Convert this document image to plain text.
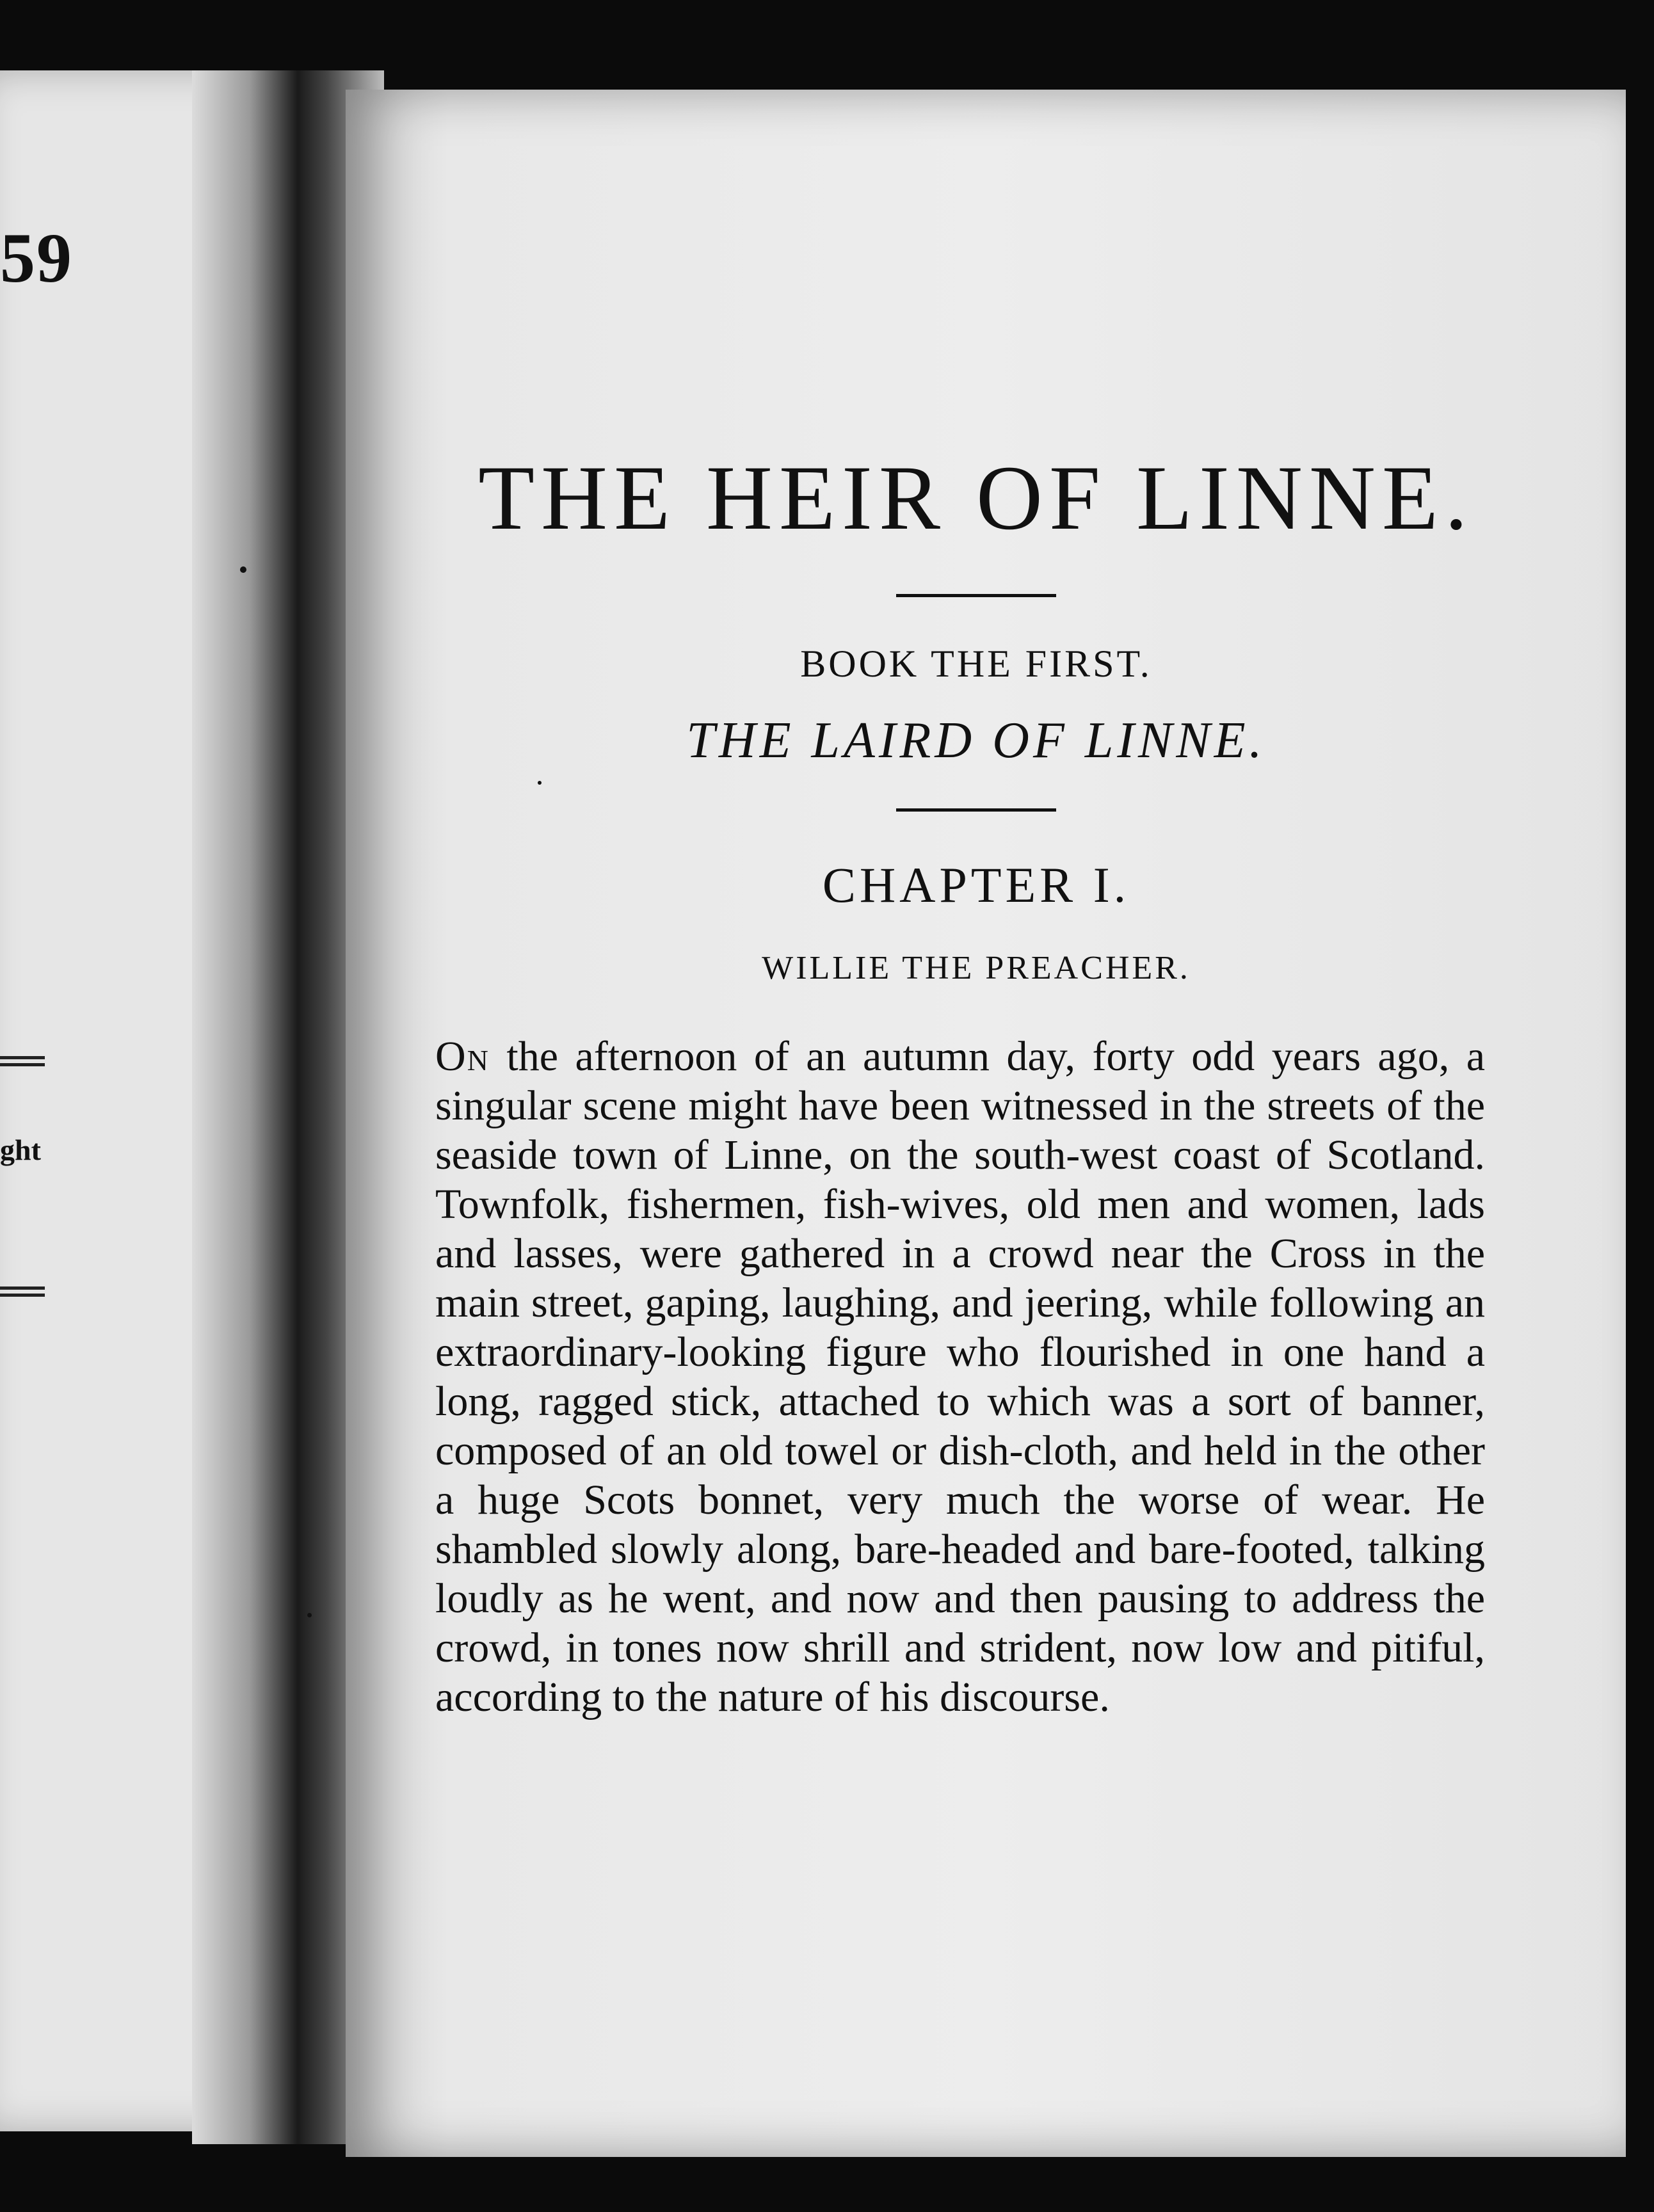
59
ght
THE HEIR OF LINNE.
BOOK THE FIRST.
THE LAIRD OF LINNE.
CHAPTER I.
WILLIE THE PREACHER.

On the afternoon of an autumn day, forty odd years ago, a singular scene might have been witnessed in the streets of the seaside town of Linne, on the south-west coast of Scotland. Townfolk, fishermen, fish-wives, old men and women, lads and lasses, were gathered in a crowd near the Cross in the main street, gaping, laughing, and jeering, while following an extraordinary-looking figure who flourished in one hand a long, ragged stick, attached to which was a sort of banner, composed of an old towel or dish-cloth, and held in the other a huge Scots bonnet, very much the worse of wear. He shambled slowly along, bare-headed and bare-footed, talking loudly as he went, and now and then pausing to address the crowd, in tones now shrill and strident, now low and pitiful, according to the nature of his discourse.
